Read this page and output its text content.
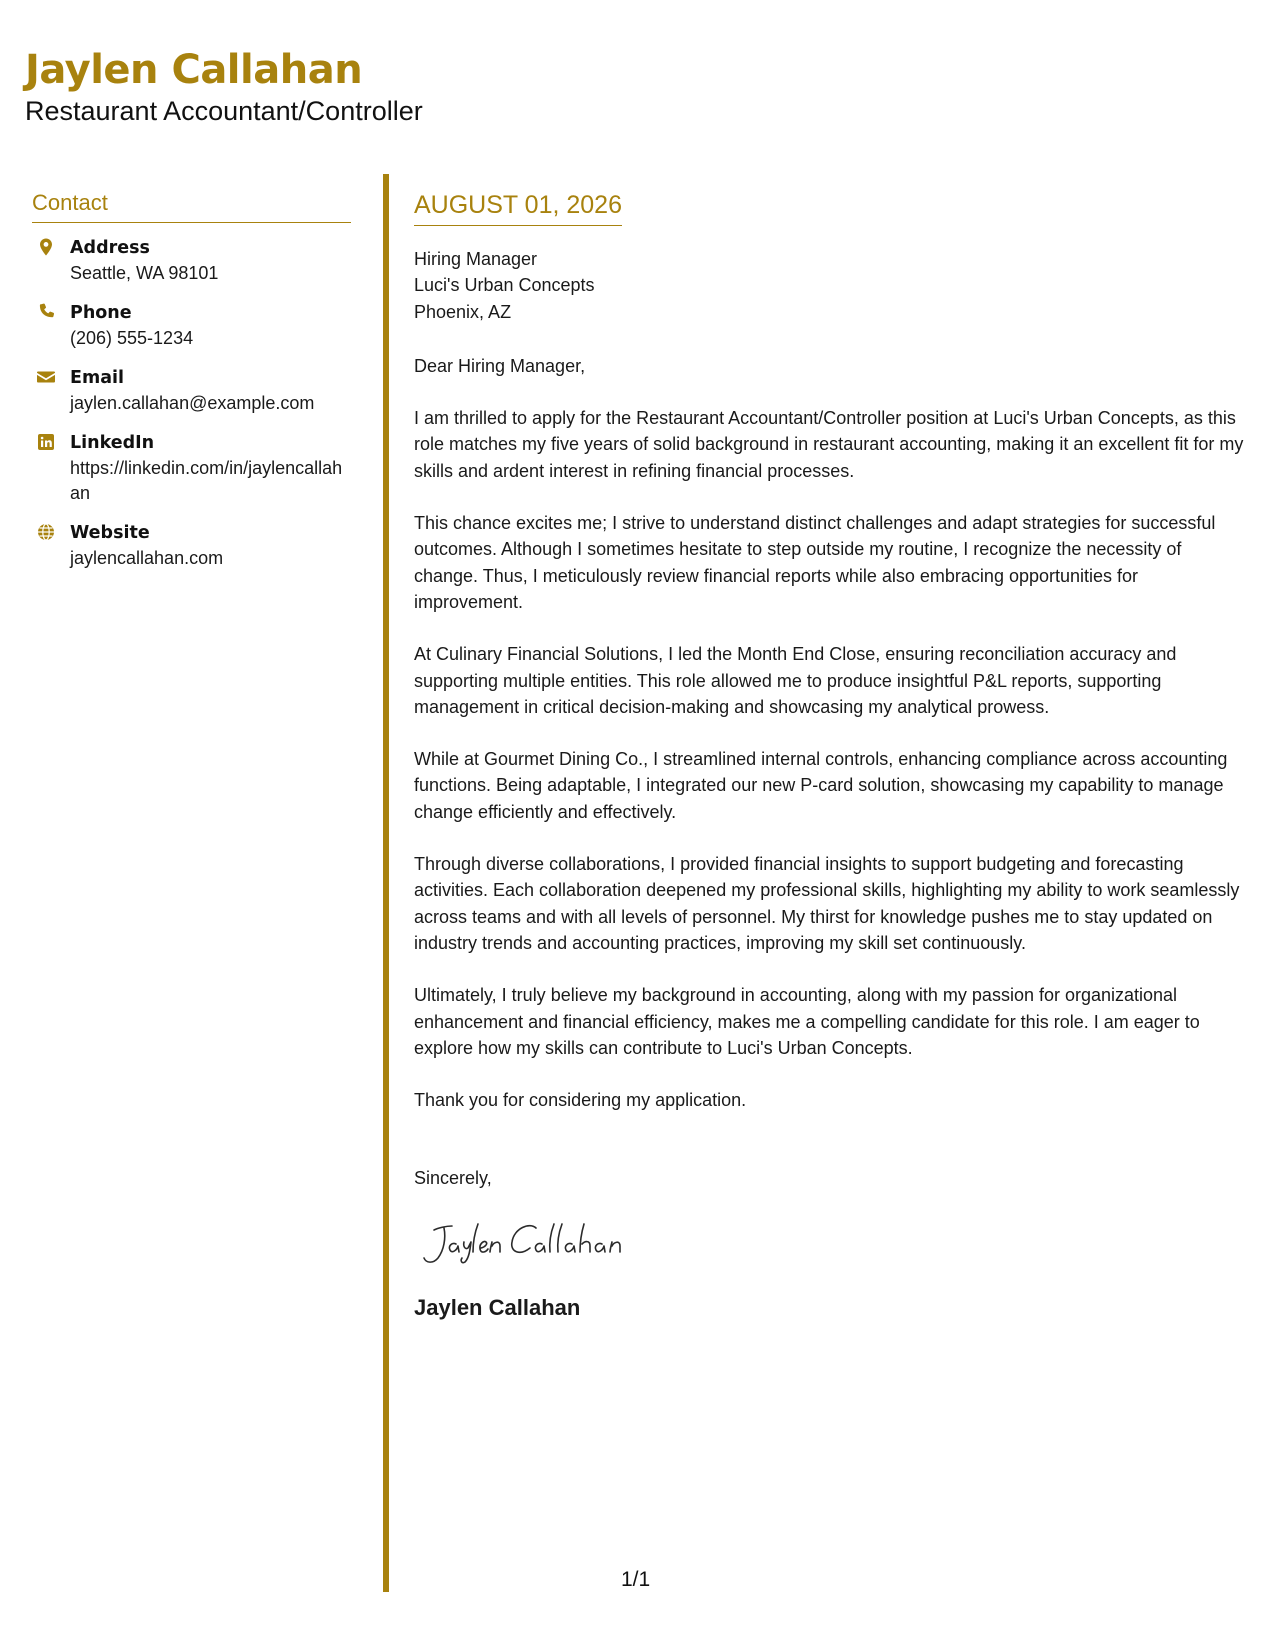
Jaylen Callahan
Restaurant Accountant/Controller
Contact
Address
Seattle, WA 98101
Phone
(206) 555-1234
Email
jaylen.callahan@example.com
LinkedIn
https://linkedin.com/in/jaylencallahan
Website
jaylencallahan.com
AUGUST 01, 2026
Hiring Manager
Luci's Urban Concepts
Phoenix, AZ
Dear Hiring Manager,
I am thrilled to apply for the Restaurant Accountant/Controller position at Luci's Urban Concepts, as this role matches my five years of solid background in restaurant accounting, making it an excellent fit for my skills and ardent interest in refining financial processes.
This chance excites me; I strive to understand distinct challenges and adapt strategies for successful outcomes. Although I sometimes hesitate to step outside my routine, I recognize the necessity of change. Thus, I meticulously review financial reports while also embracing opportunities for improvement.
At Culinary Financial Solutions, I led the Month End Close, ensuring reconciliation accuracy and supporting multiple entities. This role allowed me to produce insightful P&L reports, supporting management in critical decision-making and showcasing my analytical prowess.
While at Gourmet Dining Co., I streamlined internal controls, enhancing compliance across accounting functions. Being adaptable, I integrated our new P-card solution, showcasing my capability to manage change efficiently and effectively.
Through diverse collaborations, I provided financial insights to support budgeting and forecasting activities. Each collaboration deepened my professional skills, highlighting my ability to work seamlessly across teams and with all levels of personnel. My thirst for knowledge pushes me to stay updated on industry trends and accounting practices, improving my skill set continuously.
Ultimately, I truly believe my background in accounting, along with my passion for organizational enhancement and financial efficiency, makes me a compelling candidate for this role. I am eager to explore how my skills can contribute to Luci's Urban Concepts.
Thank you for considering my application.
Sincerely,
Jaylen Callahan
1/1
